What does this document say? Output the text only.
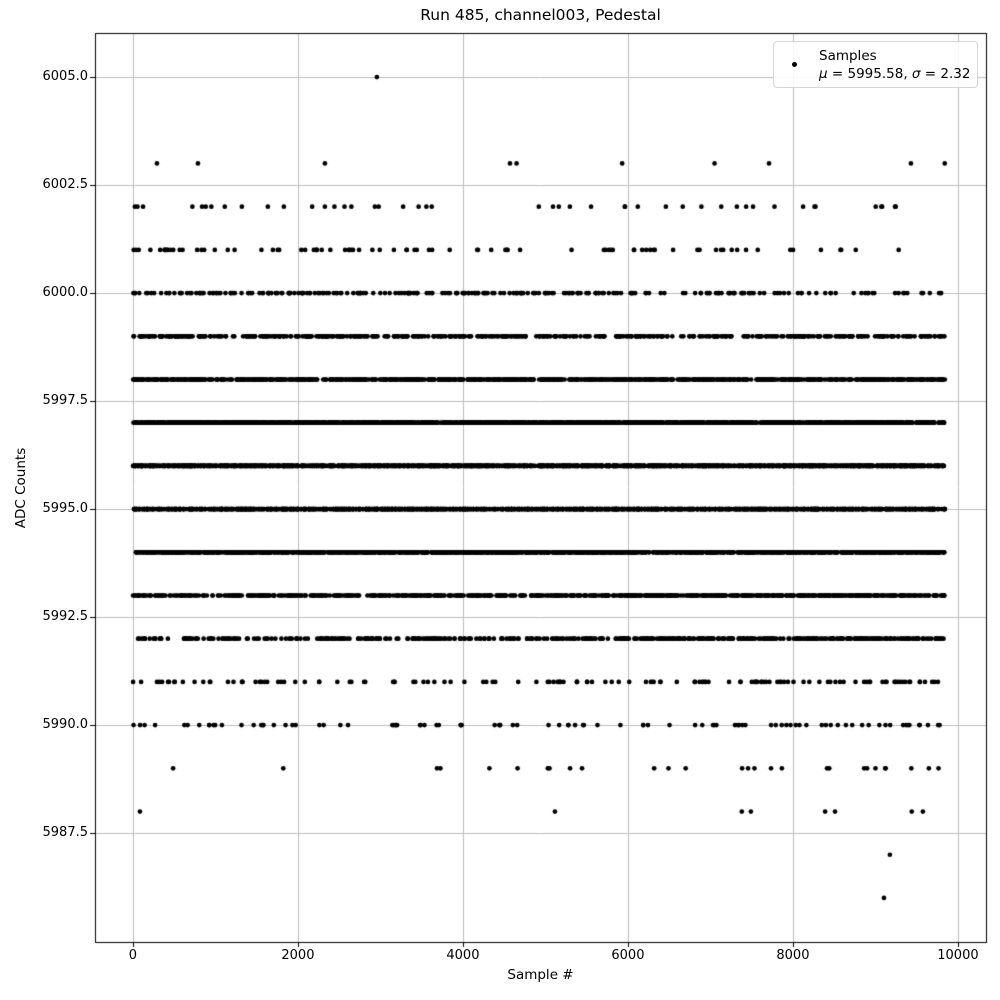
Run 485, channel003, Pedestal
0	2000	4000	6000	8000	10000
5987.5
5990.0
5992.5
5995.0
5997.5
6000.0
6002.5
6005.0
Sample #
ADC Counts
Samples
μ = 5995.58, σ = 2.32
